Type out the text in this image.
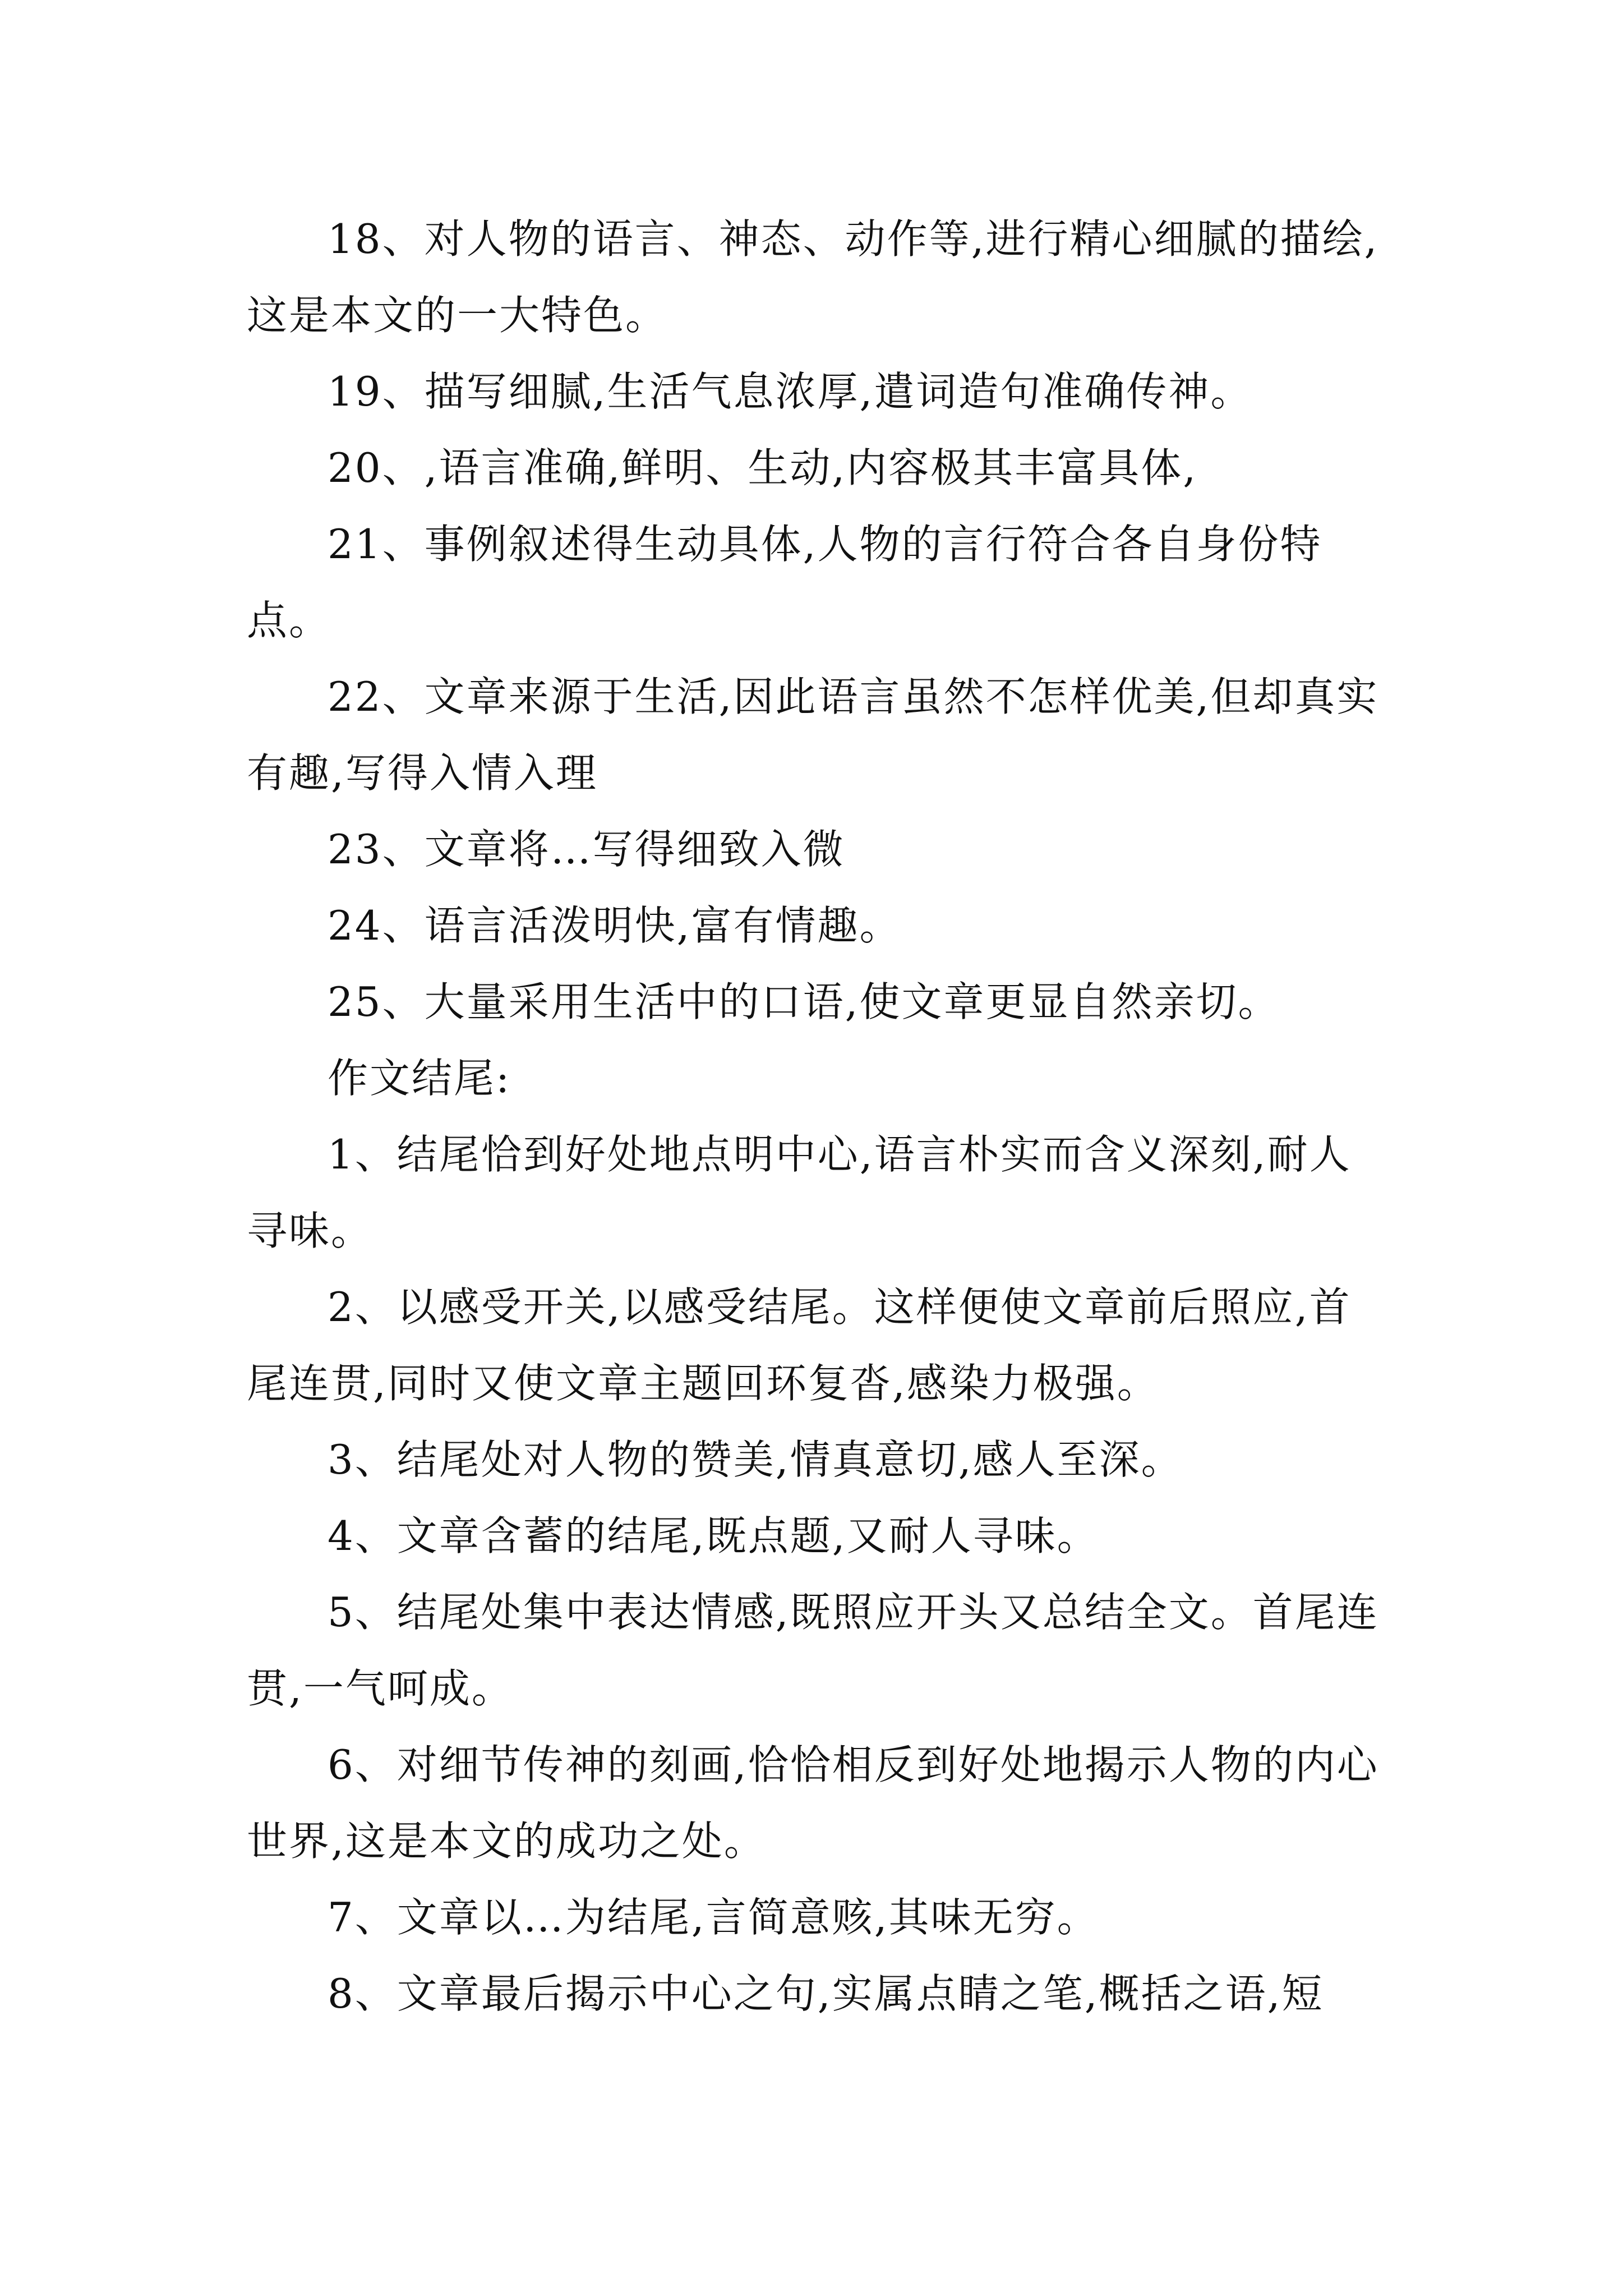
18、对人物的语言、神态、动作等,进行精心细腻的描绘,这是本文的一大特色。

19、描写细腻,生活气息浓厚,遣词造句准确传神。

20、,语言准确,鲜明、生动,内容极其丰富具体,

21、事例叙述得生动具体,人物的言行符合各自身份特点。

22、文章来源于生活,因此语言虽然不怎样优美,但却真实有趣,写得入情入理

23、文章将…写得细致入微

24、语言活泼明快,富有情趣。

25、大量采用生活中的口语,使文章更显自然亲切。

作文结尾:

1、结尾恰到好处地点明中心,语言朴实而含义深刻,耐人寻味。

2、以感受开关,以感受结尾。这样便使文章前后照应,首尾连贯,同时又使文章主题回环复沓,感染力极强。

3、结尾处对人物的赞美,情真意切,感人至深。

4、文章含蓄的结尾,既点题,又耐人寻味。

5、结尾处集中表达情感,既照应开头又总结全文。首尾连贯,一气呵成。

6、对细节传神的刻画,恰恰相反到好处地揭示人物的内心世界,这是本文的成功之处。

7、文章以…为结尾,言简意赅,其味无穷。

8、文章最后揭示中心之句,实属点睛之笔,概括之语,短
